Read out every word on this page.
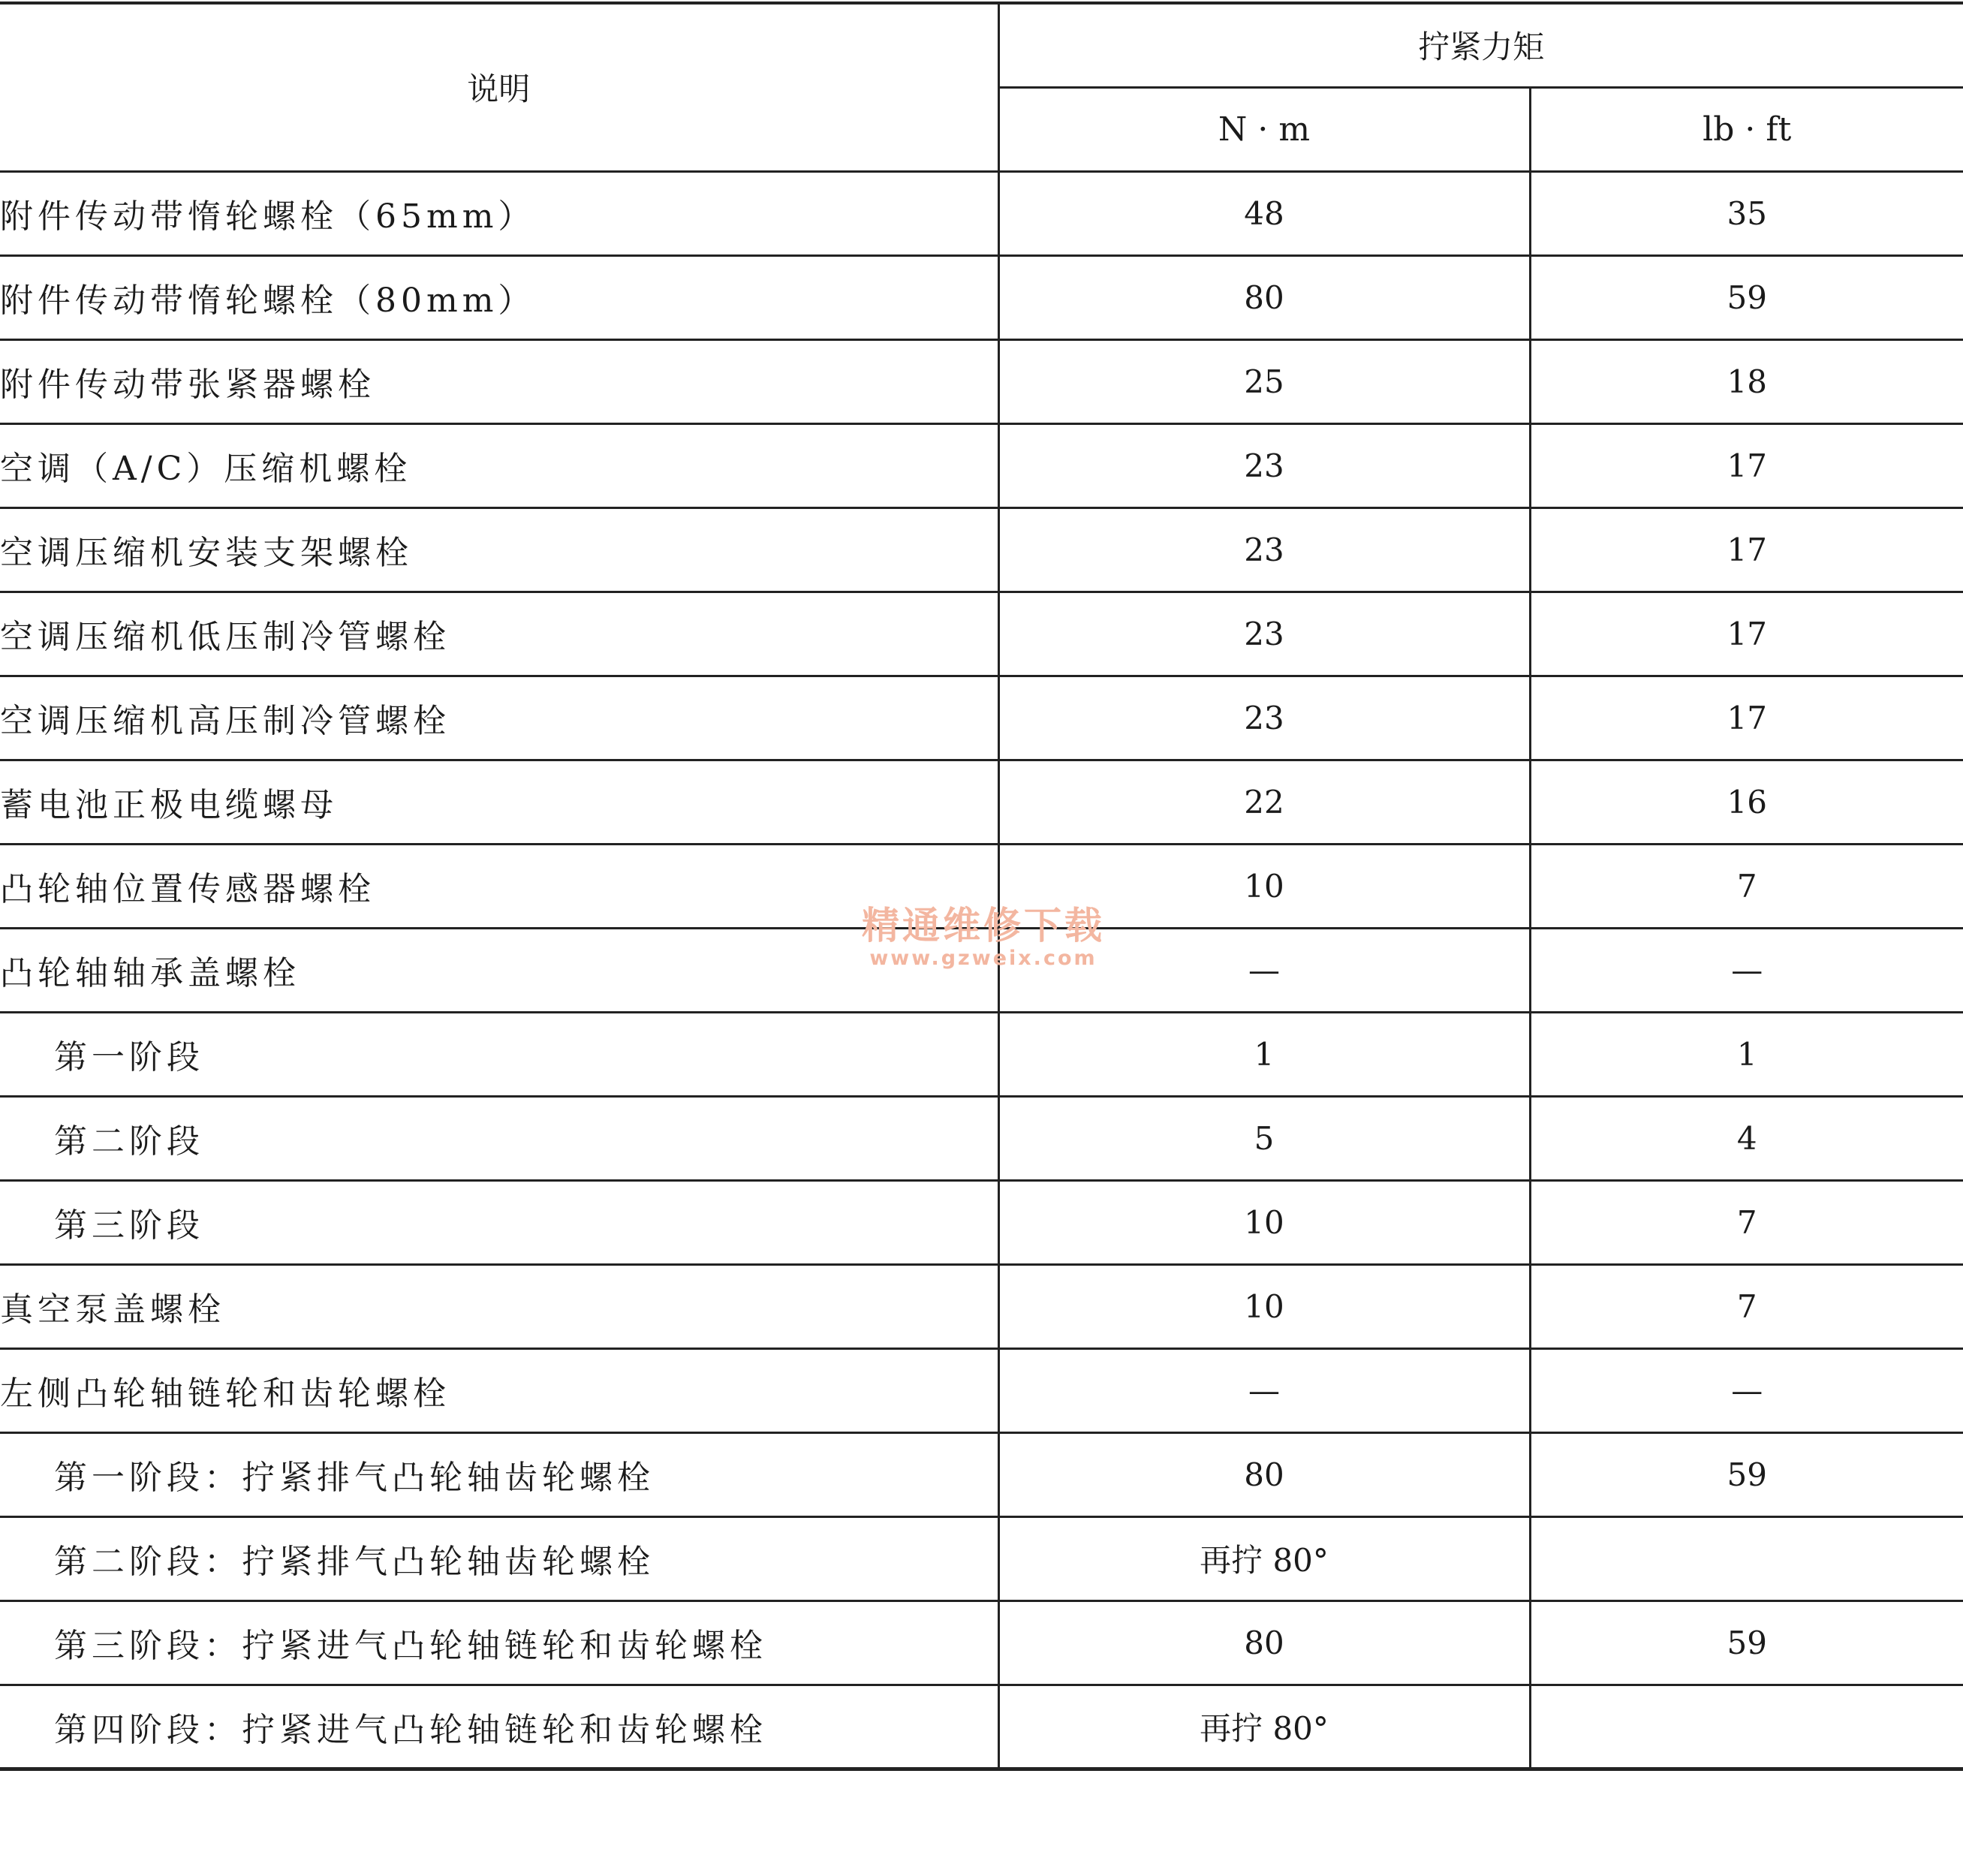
说明	拧紧力矩	
	N · m	lb · ft
附件传动带惰轮螺栓（65mm）	48	35
附件传动带惰轮螺栓（80mm）	80	59
附件传动带张紧器螺栓	25	18
空调（A/C）压缩机螺栓	23	17
空调压缩机安装支架螺栓	23	17
空调压缩机低压制冷管螺栓	23	17
空调压缩机高压制冷管螺栓	23	17
蓄电池正极电缆螺母	22	16
凸轮轴位置传感器螺栓	10	7
凸轮轴轴承盖螺栓	—	—
第一阶段	1	1
第二阶段	5	4
第三阶段	10	7
真空泵盖螺栓	10	7
左侧凸轮轴链轮和齿轮螺栓	—	—
第一阶段：拧紧排气凸轮轴齿轮螺栓	80	59
第二阶段：拧紧排气凸轮轴齿轮螺栓	再拧 80°	
第三阶段：拧紧进气凸轮轴链轮和齿轮螺栓	80	59
第四阶段：拧紧进气凸轮轴链轮和齿轮螺栓	再拧 80°	
精通维修下载
www.gzweix.com
